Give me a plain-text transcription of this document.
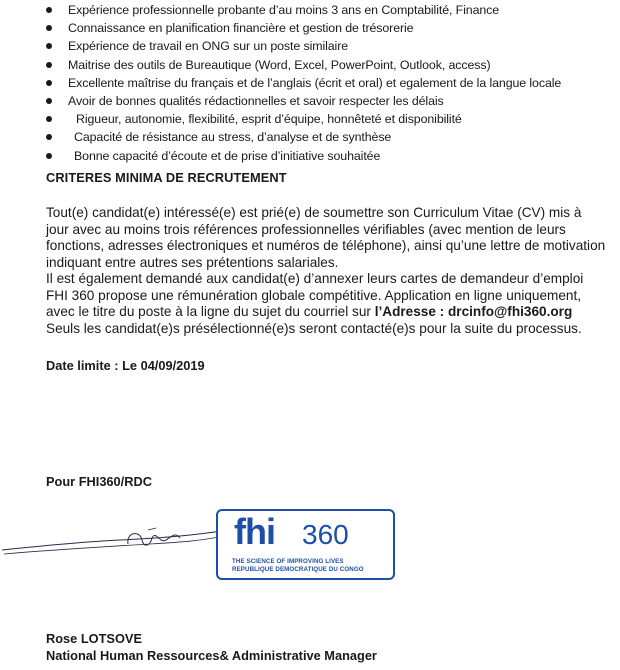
Expérience professionnelle probante d’au moins 3 ans en Comptabilité, Finance
Connaissance en planification financière et gestion de trésorerie
Expérience de travail en ONG sur un poste similaire
Maitrise des outils de Bureautique (Word, Excel, PowerPoint, Outlook, access)
Excellente maîtrise du français et de l’anglais (écrit et oral) et egalement de la langue locale
Avoir de bonnes qualités rédactionnelles et savoir respecter les délais
Rigueur, autonomie, flexibilité, esprit d’équipe, honnêteté et disponibilité
Capacité de résistance au stress, d’analyse et de synthèse
Bonne capacité d’écoute et de prise d’initiative souhaitée
CRITERES MINIMA DE RECRUTEMENT

Tout(e) candidat(e) intéressé(e) est prié(e) de soumettre son Curriculum Vitae (CV) mis à jour avec au moins trois références professionnelles vérifiables (avec mention de leurs fonctions, adresses électroniques et numéros de téléphone), ainsi qu’une lettre de motivation indiquant entre autres ses prétentions salariales.

Il est également demandé aux candidat(e) d’annexer leurs cartes de demandeur d’emploi

FHI 360 propose une rémunération globale compétitive. Application en ligne uniquement, avec le titre du poste à la ligne du sujet du courriel sur l’Adresse : drcinfo@fhi360.org Seuls les candidat(e)s présélectionné(e)s seront contacté(e)s pour la suite du processus.

Date limite : Le 04/09/2019
Pour FHI360/RDC
fhi 360
THE SCIENCE OF IMPROVING LIVES
REPUBLIQUE DEMOCRATIQUE DU CONGO
Rose LOTSOVE
National Human Ressources& Administrative Manager
